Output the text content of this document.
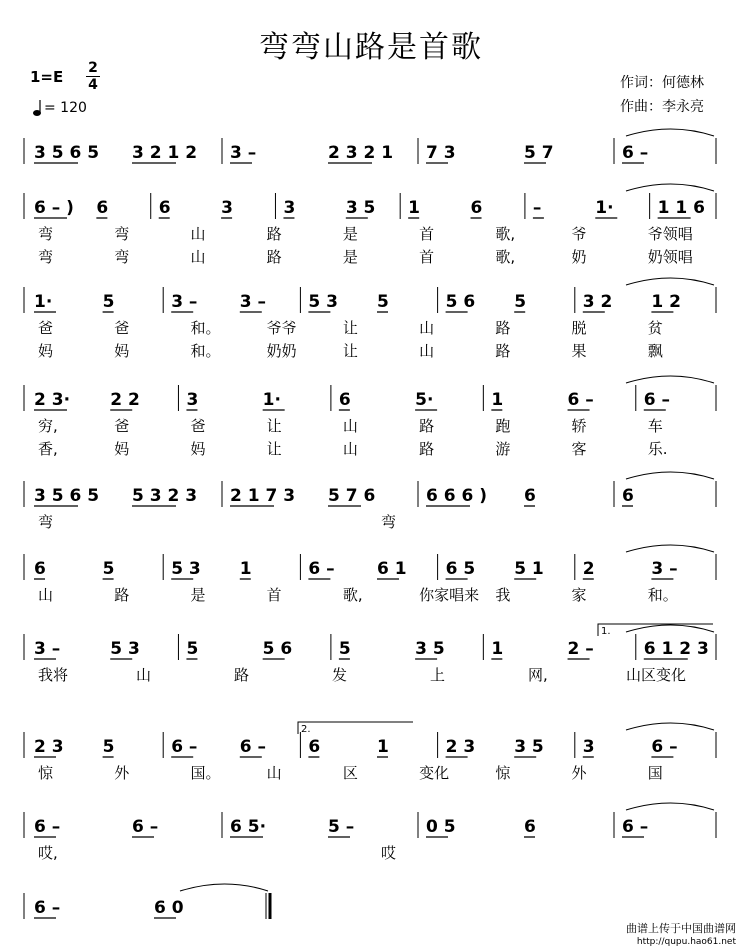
弯弯山路是首歌
1=E 2
4
= 120
作词：何德林
作曲：李永亮
3 5 6 5 3 2 1 2 3 –	2 3 2 1 7 3	5 7	6 –
6 – ) 6	6	3	3	3 5 1	6	–	1·	1 1 6
弯	弯	山	路	是	首	歌,	爷	爷领唱
弯	弯	山	路	是	首	歌,	奶	奶领唱
1·	5	3 – 3 – 5 3 5	5 6 5	3 2 1 2
爸	爸	和。	爷爷	让	山	路	脱	贫
妈	妈	和。	奶奶	让	山	路	果	飘
2 3· 2 2	3	1·	6	5·	1	6 –	6 –
穷,	爸	爸	让	山	路	跑	轿	车
香,	妈	妈	让	山	路	游	客	乐.
3 5 6 5 5 3 2 3 2 1 7 3 5 7 6	6 6 6 ) 6	6
弯	弯
6	5	5 3 1	6 – 6 1 6 5 5 1 2	3 –
山	路	是	首	歌,	你家唱来 我	家	和。
3 –	5 3	5	5 6	5	3 5	1	2 –	6 1 2 3
1.
我将	山	路	发	上	网,	山区变化
2 3 5	6 – 6 – 6	1	2 3 3 5 3	6 –
2.
惊	外	国。	山	区	变化	惊	外	国
6 –	6 –	6 5·	5 –	0 5	6	6 –
哎,	哎
6 –	6 0
曲谱上传于中国曲谱网
http://qupu.hao61.net
